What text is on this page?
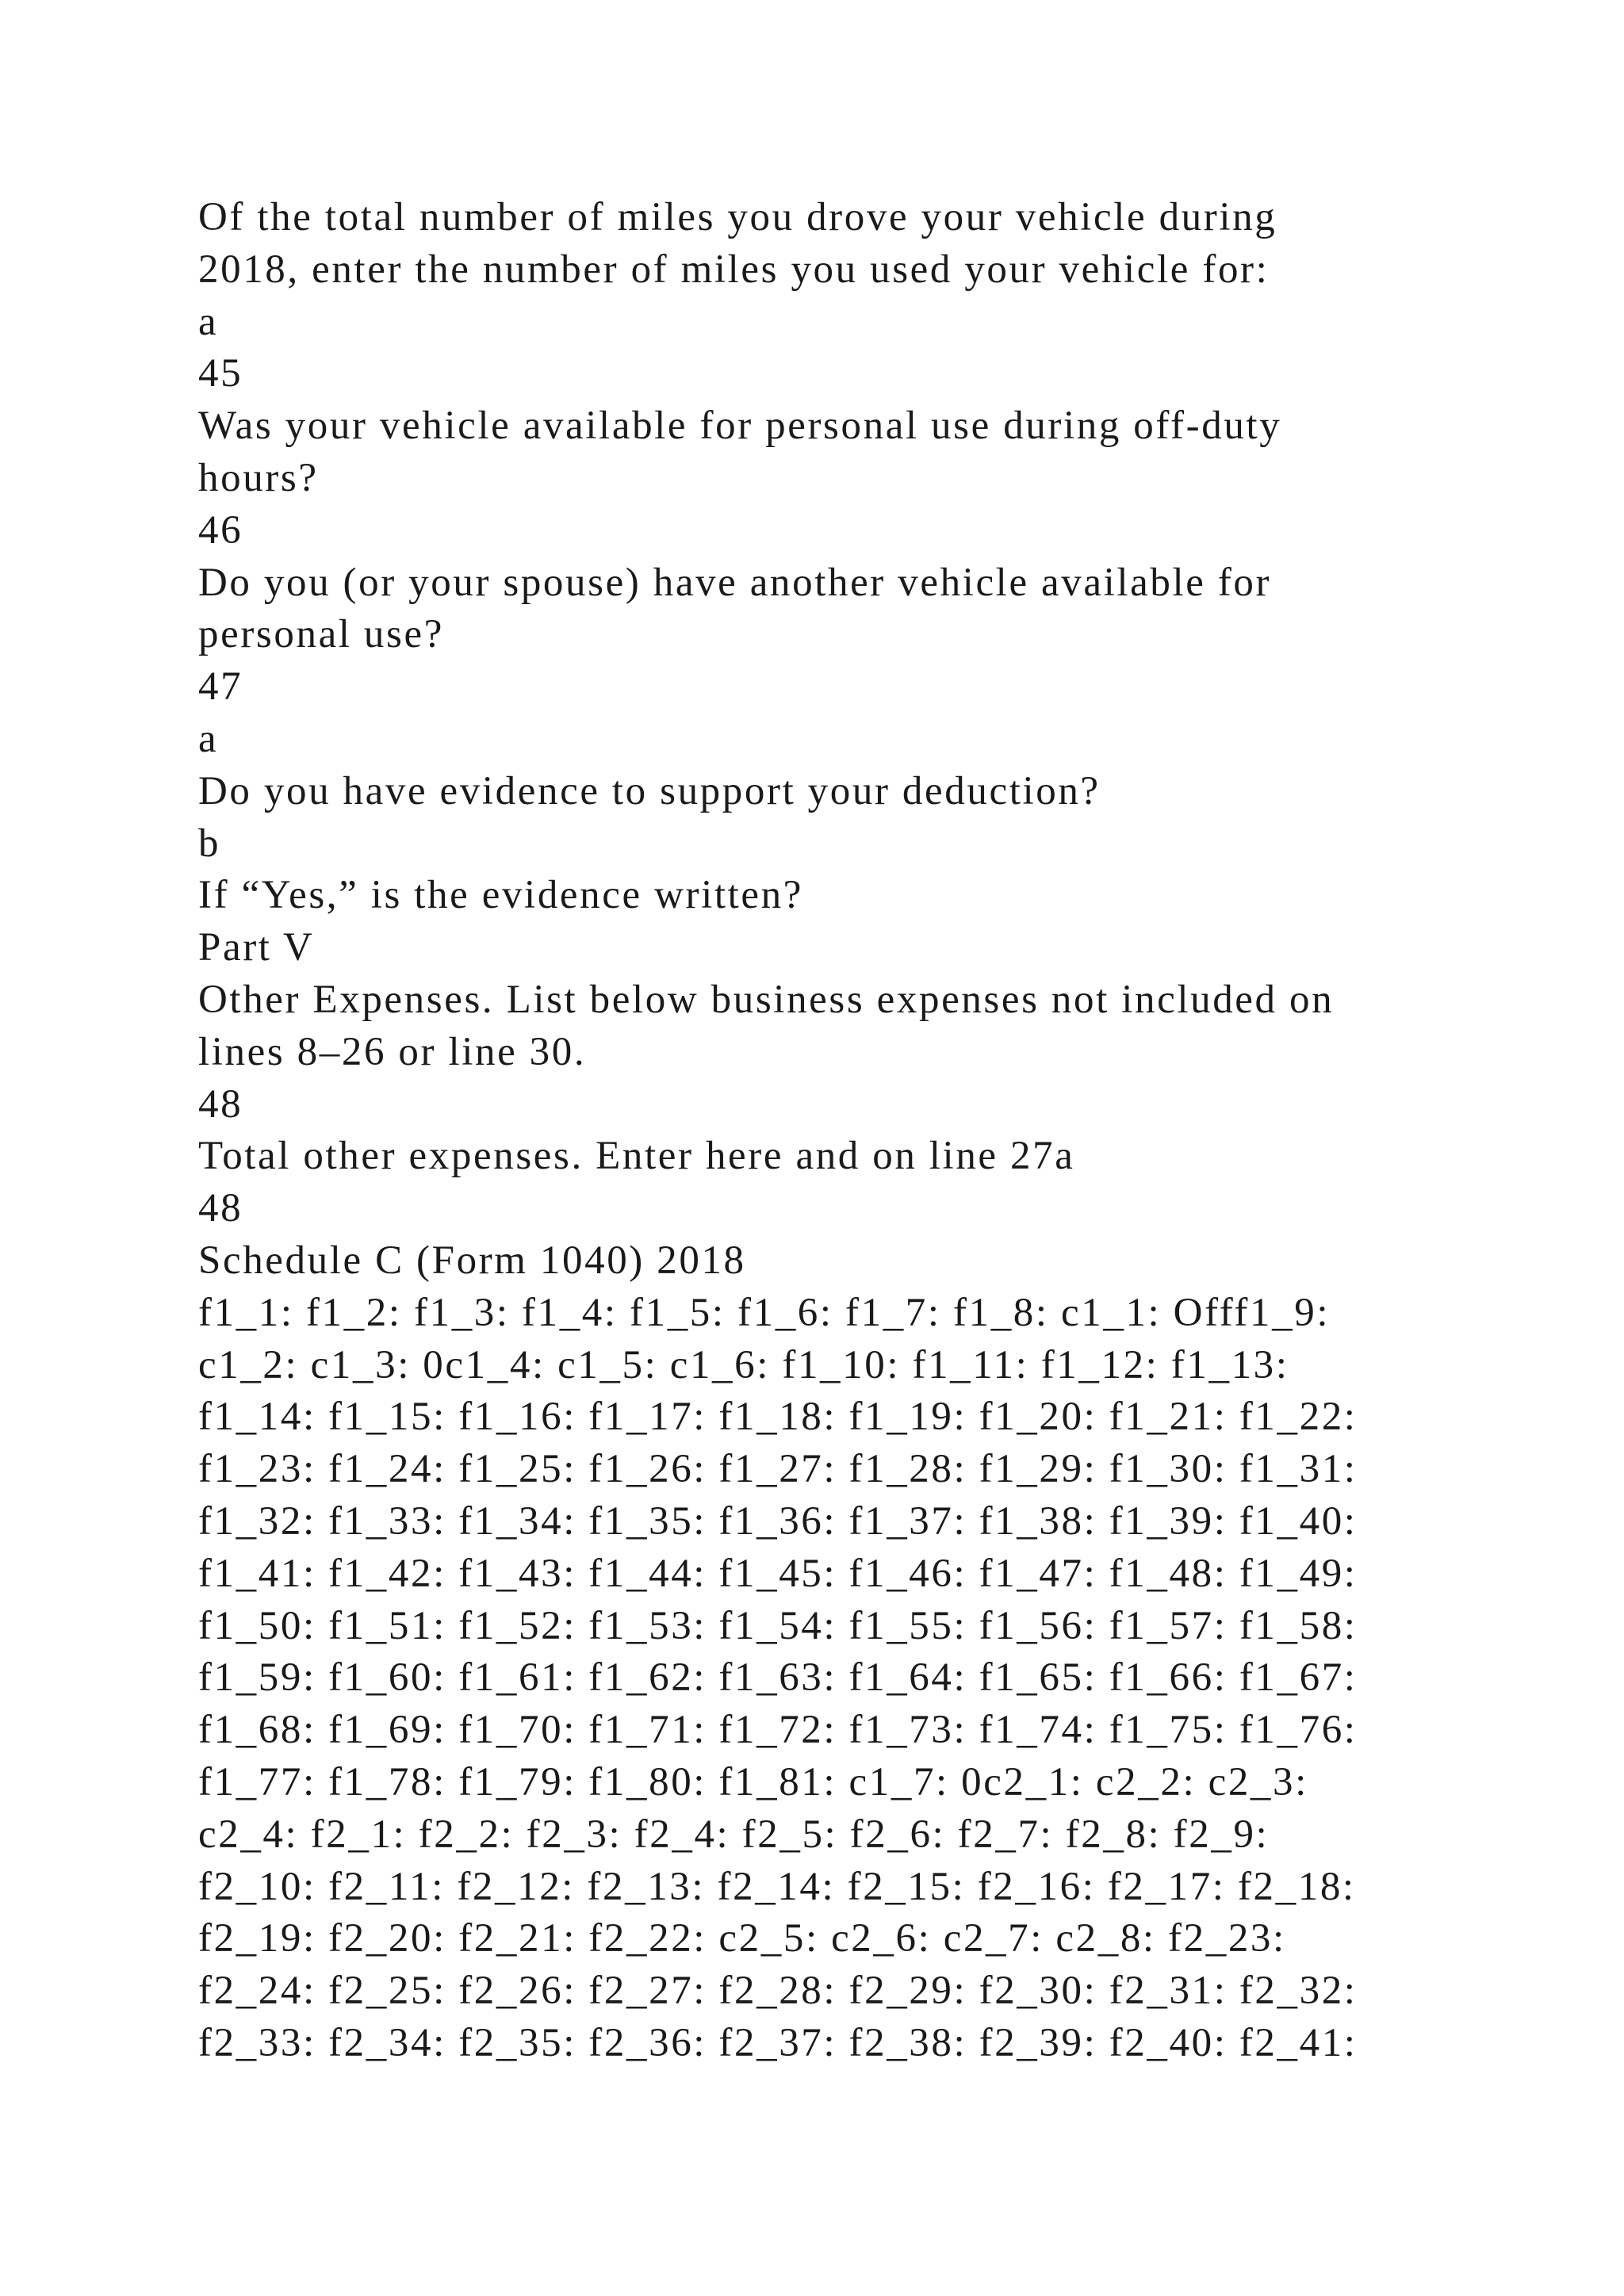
Of the total number of miles you drove your vehicle during

2018, enter the number of miles you used your vehicle for:

a

45

Was your vehicle available for personal use during off-duty

hours?

46

Do you (or your spouse) have another vehicle available for

personal use?

47

a

Do you have evidence to support your deduction?

b

If “Yes,” is the evidence written?

Part V

Other Expenses. List below business expenses not included on

lines 8–26 or line 30.

48

Total other expenses. Enter here and on line 27a

48

Schedule C (Form 1040) 2018

f1_1: f1_2: f1_3: f1_4: f1_5: f1_6: f1_7: f1_8: c1_1: Offf1_9:

c1_2: c1_3: 0c1_4: c1_5: c1_6: f1_10: f1_11: f1_12: f1_13:

f1_14: f1_15: f1_16: f1_17: f1_18: f1_19: f1_20: f1_21: f1_22:

f1_23: f1_24: f1_25: f1_26: f1_27: f1_28: f1_29: f1_30: f1_31:

f1_32: f1_33: f1_34: f1_35: f1_36: f1_37: f1_38: f1_39: f1_40:

f1_41: f1_42: f1_43: f1_44: f1_45: f1_46: f1_47: f1_48: f1_49:

f1_50: f1_51: f1_52: f1_53: f1_54: f1_55: f1_56: f1_57: f1_58:

f1_59: f1_60: f1_61: f1_62: f1_63: f1_64: f1_65: f1_66: f1_67:

f1_68: f1_69: f1_70: f1_71: f1_72: f1_73: f1_74: f1_75: f1_76:

f1_77: f1_78: f1_79: f1_80: f1_81: c1_7: 0c2_1: c2_2: c2_3:

c2_4: f2_1: f2_2: f2_3: f2_4: f2_5: f2_6: f2_7: f2_8: f2_9:

f2_10: f2_11: f2_12: f2_13: f2_14: f2_15: f2_16: f2_17: f2_18:

f2_19: f2_20: f2_21: f2_22: c2_5: c2_6: c2_7: c2_8: f2_23:

f2_24: f2_25: f2_26: f2_27: f2_28: f2_29: f2_30: f2_31: f2_32:

f2_33: f2_34: f2_35: f2_36: f2_37: f2_38: f2_39: f2_40: f2_41:
